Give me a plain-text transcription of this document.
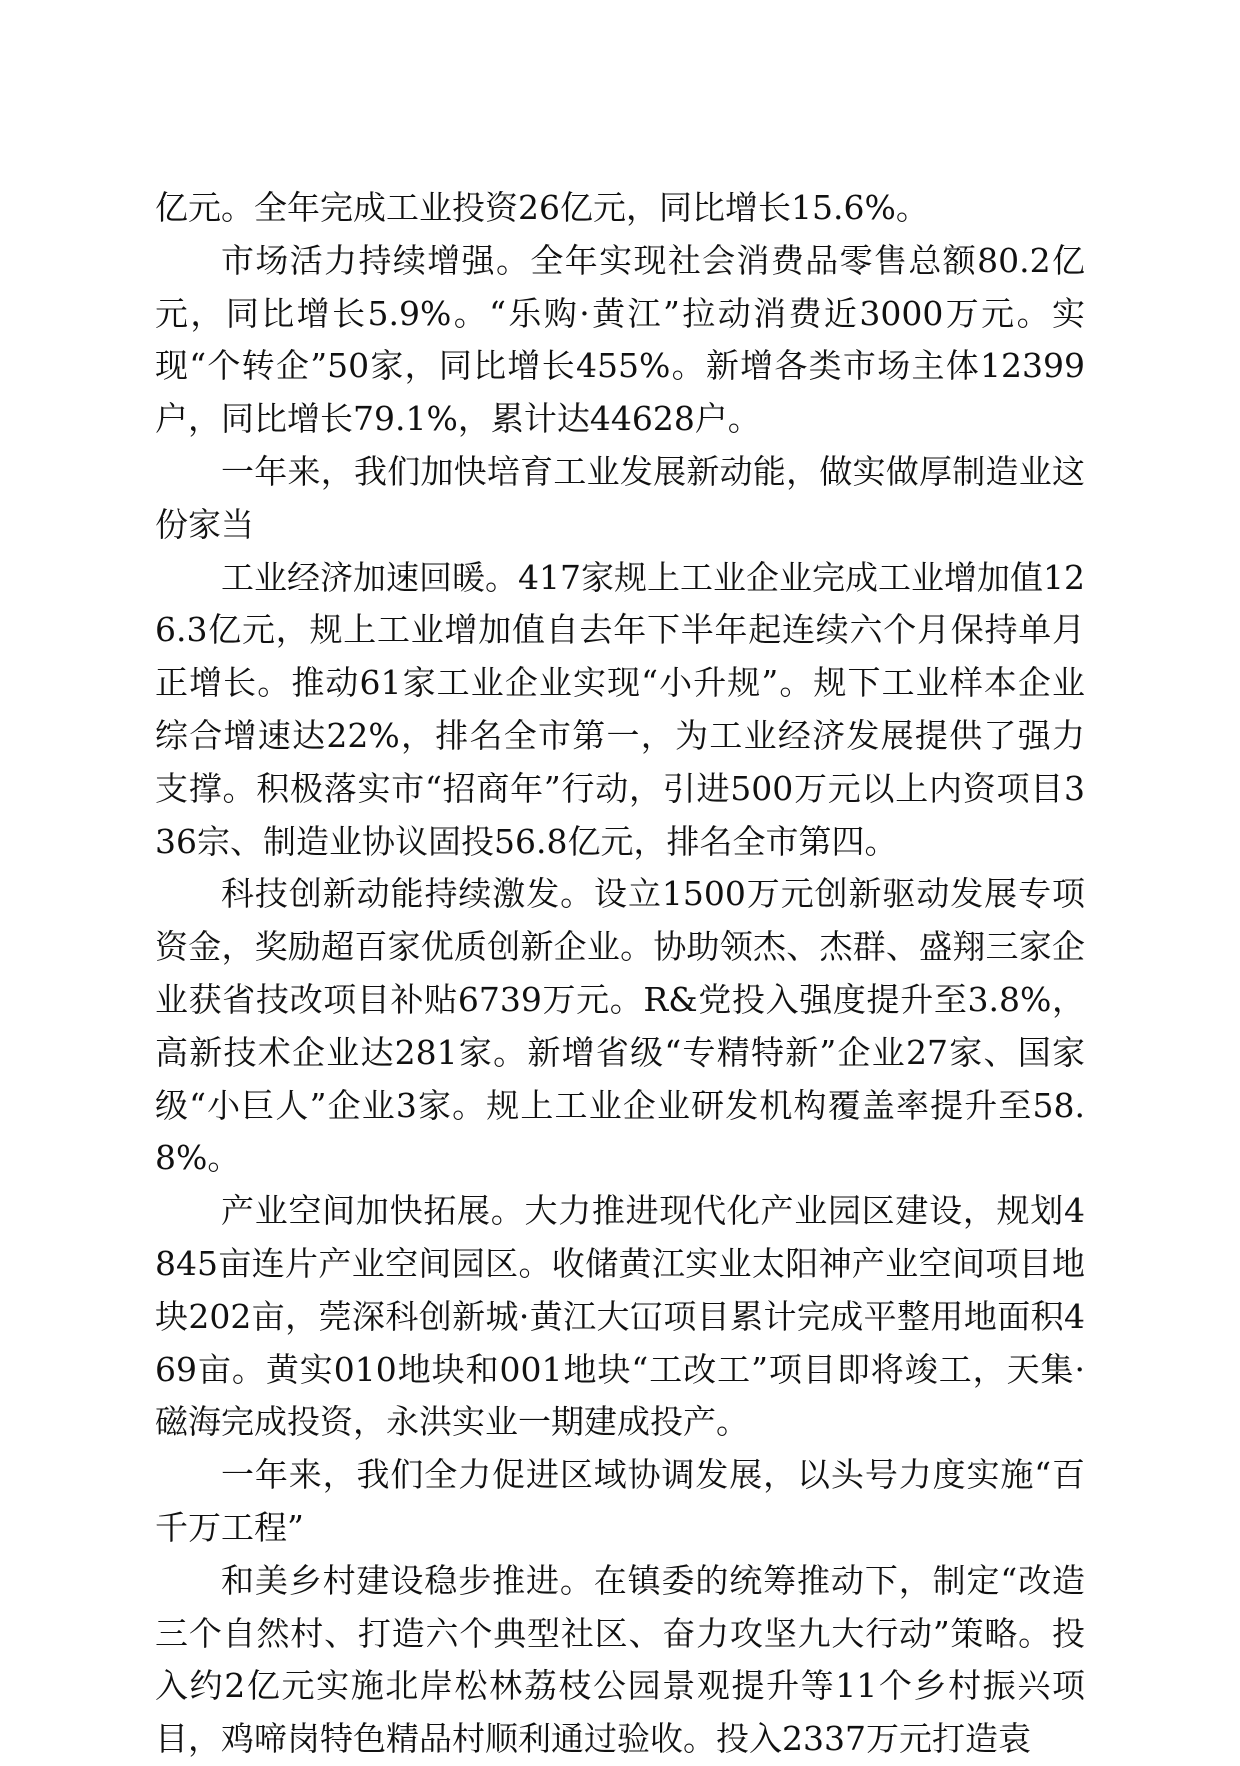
亿元。全年完成工业投资26亿元，同比增长15.6%。

市场活力持续增强。全年实现社会消费品零售总额80.2亿元，同比增长5.9%。“乐购·黄江”拉动消费近3000万元。实现“个转企”50家，同比增长455%。新增各类市场主体12399户，同比增长79.1%，累计达44628户。

一年来，我们加快培育工业发展新动能，做实做厚制造业这份家当

工业经济加速回暖。417家规上工业企业完成工业增加值126.3亿元，规上工业增加值自去年下半年起连续六个月保持单月正增长。推动61家工业企业实现“小升规”。规下工业样本企业综合增速达22%，排名全市第一，为工业经济发展提供了强力支撑。积极落实市“招商年”行动，引进500万元以上内资项目336宗、制造业协议固投56.8亿元，排名全市第四。

科技创新动能持续激发。设立1500万元创新驱动发展专项资金，奖励超百家优质创新企业。协助领杰、杰群、盛翔三家企业获省技改项目补贴6739万元。R&党投入强度提升至3.8%，高新技术企业达281家。新增省级“专精特新”企业27家、国家级“小巨人”企业3家。规上工业企业研发机构覆盖率提升至58.8%。

产业空间加快拓展。大力推进现代化产业园区建设，规划4845亩连片产业空间园区。收储黄江实业太阳神产业空间项目地块202亩，莞深科创新城·黄江大冚项目累计完成平整用地面积469亩。黄实010地块和001地块“工改工”项目即将竣工，天集·磁海完成投资，永洪实业一期建成投产。

一年来，我们全力促进区域协调发展，以头号力度实施“百千万工程”

和美乡村建设稳步推进。在镇委的统筹推动下，制定“改造三个自然村、打造六个典型社区、奋力攻坚九大行动”策略。投入约2亿元实施北岸松林荔枝公园景观提升等11个乡村振兴项目，鸡啼岗特色精品村顺利通过验收。投入2337万元打造袁
